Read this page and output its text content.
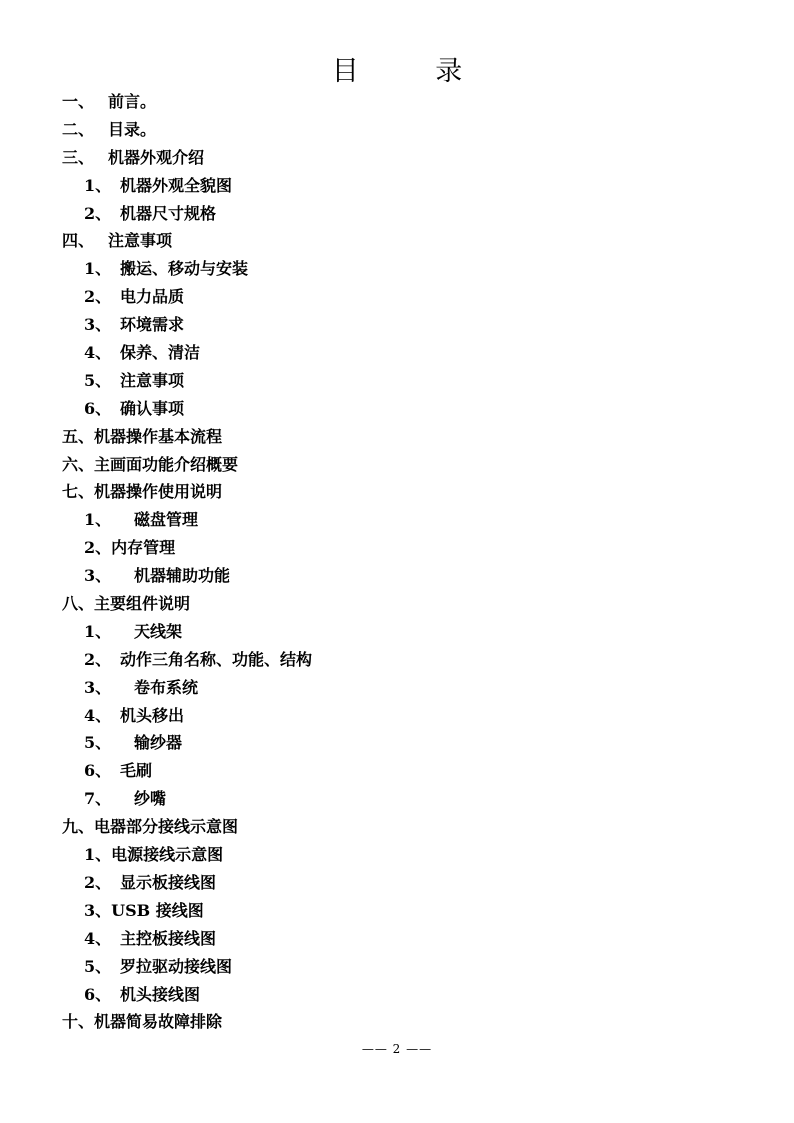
目 录
一、 前言。
二、 目录。
三、 机器外观介绍
1、 机器外观全貌图
2、 机器尺寸规格
四、 注意事项
1、 搬运、移动与安装
2、 电力品质
3、 环境需求
4、 保养、清洁
5、 注意事项
6、 确认事项
五、机器操作基本流程
六、主画面功能介绍概要
七、机器操作使用说明
1、 磁盘管理
2、内存管理
3、 机器辅助功能
八、主要组件说明
1、 天线架
2、 动作三角名称、功能、结构
3、 卷布系统
4、 机头移出
5、 输纱器
6、 毛刷
7、 纱嘴
九、电器部分接线示意图
1、电源接线示意图
2、 显示板接线图
3、USB 接线图
4、 主控板接线图
5、 罗拉驱动接线图
6、 机头接线图
十、机器简易故障排除
—— 2 ——
